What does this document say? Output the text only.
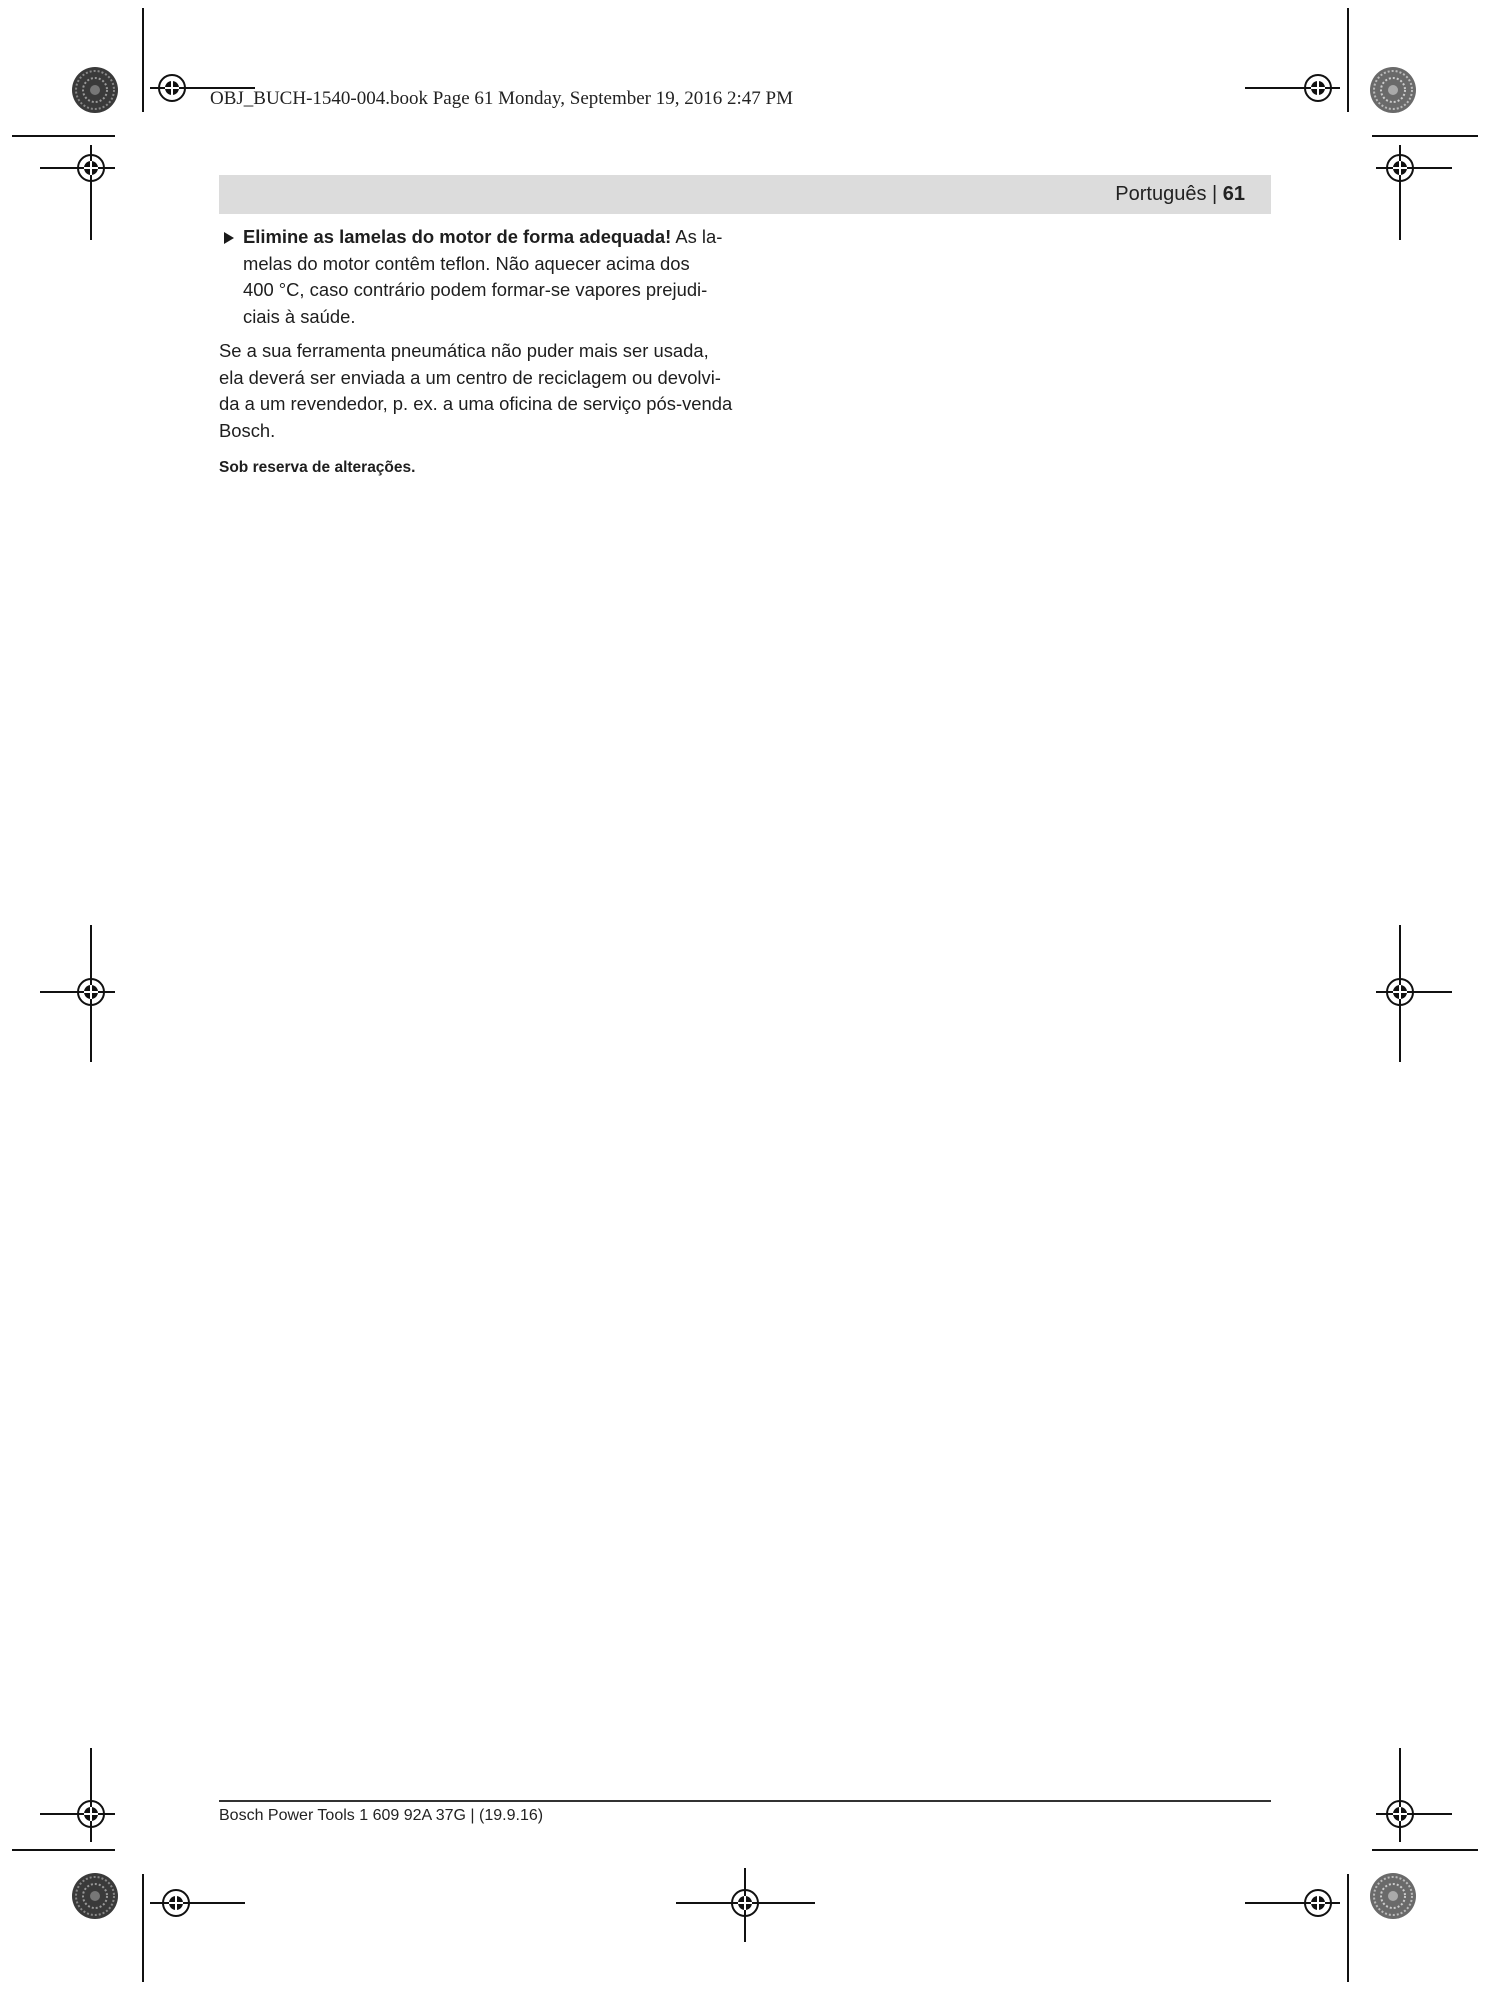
OBJ_BUCH-1540-004.book Page 61 Monday, September 19, 2016 2:47 PM
Português | 61
Elimine as lamelas do motor de forma adequada! As la-
melas do motor contêm teflon. Não aquecer acima dos
400 °C, caso contrário podem formar-se vapores prejudi-
ciais à saúde.
Se a sua ferramenta pneumática não puder mais ser usada,
ela deverá ser enviada a um centro de reciclagem ou devolvi-
da a um revendedor, p. ex. a uma oficina de serviço pós-venda
Bosch.
Sob reserva de alterações.
Bosch Power Tools 1 609 92A 37G | (19.9.16)
